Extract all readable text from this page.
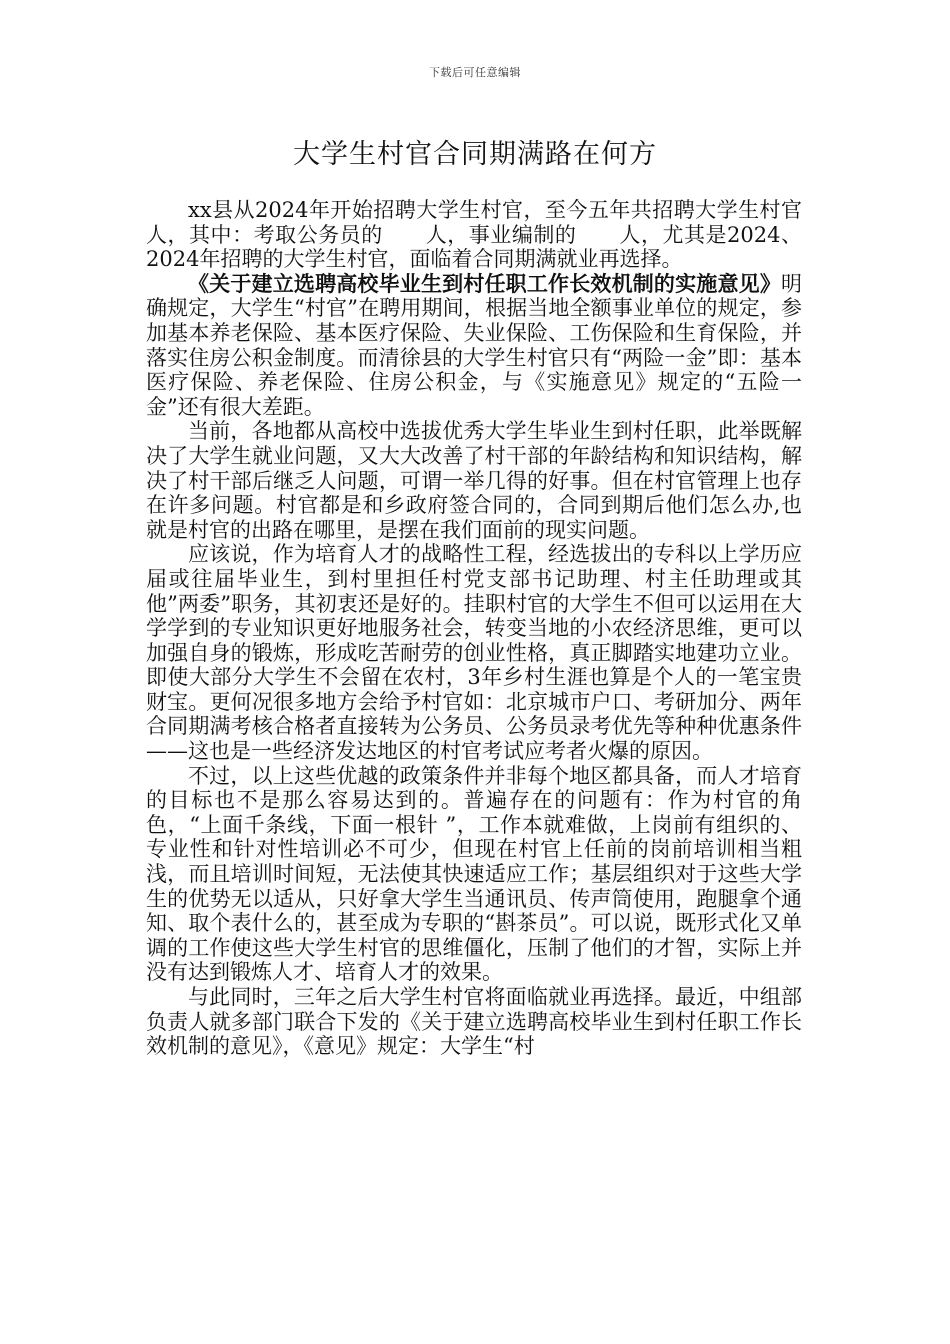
下载后可任意编辑
大学生村官合同期满路在何方

xx县从2024年开始招聘大学生村官，至今五年共招聘大学生村官　　人，其中：考取公务员的　　人，事业编制的　　人，尤其是2024、2024年招聘的大学生村官，面临着合同期满就业再选择。

《关于建立选聘高校毕业生到村任职工作长效机制的实施意见》明确规定，大学生“村官”在聘用期间，根据当地全额事业单位的规定，参加基本养老保险、基本医疗保险、失业保险、工伤保险和生育保险，并落实住房公积金制度。而清徐县的大学生村官只有“两险一金”即：基本医疗保险、养老保险、住房公积金，与《实施意见》规定的“五险一金”还有很大差距。

当前，各地都从高校中选拔优秀大学生毕业生到村任职，此举既解决了大学生就业问题，又大大改善了村干部的年龄结构和知识结构，解决了村干部后继乏人问题，可谓一举几得的好事。但在村官管理上也存在许多问题。村官都是和乡政府签合同的，合同到期后他们怎么办,也就是村官的出路在哪里，是摆在我们面前的现实问题。

应该说，作为培育人才的战略性工程，经选拔出的专科以上学历应届或往届毕业生，到村里担任村党支部书记助理、村主任助理或其他”两委”职务，其初衷还是好的。挂职村官的大学生不但可以运用在大学学到的专业知识更好地服务社会，转变当地的小农经济思维，更可以加强自身的锻炼，形成吃苦耐劳的创业性格，真正脚踏实地建功立业。即使大部分大学生不会留在农村，3年乡村生涯也算是个人的一笔宝贵财宝。更何况很多地方会给予村官如：北京城市户口、考研加分、两年合同期满考核合格者直接转为公务员、公务员录考优先等种种优惠条件——这也是一些经济发达地区的村官考试应考者火爆的原因。

不过，以上这些优越的政策条件并非每个地区都具备，而人才培育的目标也不是那么容易达到的。普遍存在的问题有：作为村官的角色，“上面千条线，下面一根针 ”，工作本就难做，上岗前有组织的、专业性和针对性培训必不可少，但现在村官上任前的岗前培训相当粗浅，而且培训时间短，无法使其快速适应工作；基层组织对于这些大学生的优势无以适从，只好拿大学生当通讯员、传声筒使用，跑腿拿个通知、取个表什么的，甚至成为专职的“斟茶员”。可以说，既形式化又单调的工作使这些大学生村官的思维僵化，压制了他们的才智，实际上并没有达到锻炼人才、培育人才的效果。

与此同时，三年之后大学生村官将面临就业再选择。最近，中组部负责人就多部门联合下发的《关于建立选聘高校毕业生到村任职工作长效机制的意见》，《意见》规定：大学生“村
